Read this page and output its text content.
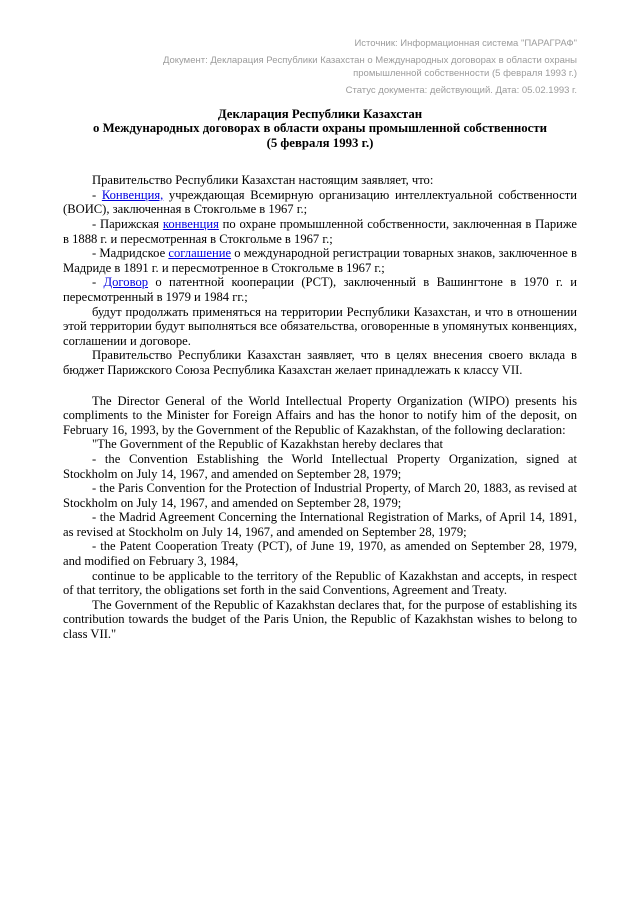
Источник: Информационная система "ПАРАГРАФ"
Документ: Декларация Республики Казахстан о Международных договорах в области охраны промышленной собственности (5 февраля 1993 г.)
Статус документа: действующий. Дата: 05.02.1993 г.
Декларация Республики Казахстан
о Международных договорах в области охраны промышленной собственности
(5 февраля 1993 г.)

Правительство Республики Казахстан настоящим заявляет, что:

- Конвенция, учреждающая Всемирную организацию интеллектуальной собственности (ВОИС), заключенная в Стокгольме в 1967 г.;

- Парижская конвенция по охране промышленной собственности, заключенная в Париже в 1888 г. и пересмотренная в Стокгольме в 1967 г.;

- Мадридское соглашение о международной регистрации товарных знаков, заключенное в Мадриде в 1891 г. и пересмотренное в Стокгольме в 1967 г.;

- Договор о патентной кооперации (РСТ), заключенный в Вашингтоне в 1970 г. и пересмотренный в 1979 и 1984 гг.;

будут продолжать применяться на территории Республики Казахстан, и что в отношении этой территории будут выполняться все обязательства, оговоренные в упомянутых конвенциях, соглашении и договоре.

Правительство Республики Казахстан заявляет, что в целях внесения своего вклада в бюджет Парижского Союза Республика Казахстан желает принадлежать к классу VII.

The Director General of the World Intellectual Property Organization (WIPO) presents his compliments to the Minister for Foreign Affairs and has the honor to notify him of the deposit, on February 16, 1993, by the Government of the Republic of Kazakhstan, of the following declaration:

"The Government of the Republic of Kazakhstan hereby declares that

- the Convention Establishing the World Intellectual Property Organization, signed at Stockholm on July 14, 1967, and amended on September 28, 1979;

- the Paris Convention for the Protection of Industrial Property, of March 20, 1883, as revised at Stockholm on July 14, 1967, and amended on September 28, 1979;

- the Madrid Agreement Concerning the International Registration of Marks, of April 14, 1891, as revised at Stockholm on July 14, 1967, and amended on September 28, 1979;

- the Patent Cooperation Treaty (PCT), of June 19, 1970, as amended on September 28, 1979, and modified on February 3, 1984,

continue to be applicable to the territory of the Republic of Kazakhstan and accepts, in respect of that territory, the obligations set forth in the said Conventions, Agreement and Treaty.

The Government of the Republic of Kazakhstan declares that, for the purpose of establishing its contribution towards the budget of the Paris Union, the Republic of Kazakhstan wishes to belong to class VII."
